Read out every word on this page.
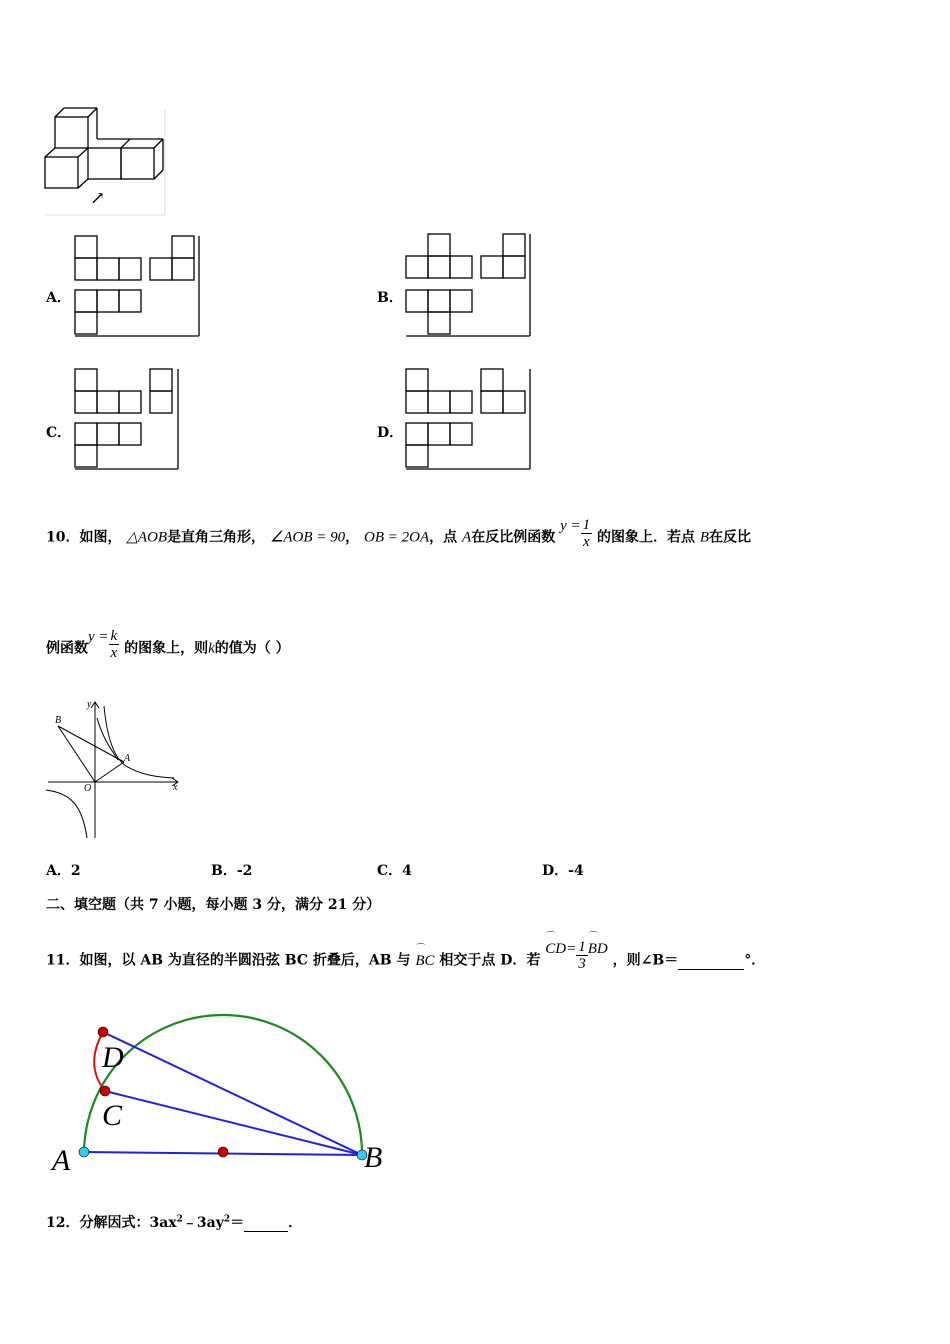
↗
A．	B．
C．	D．
10．如图， △AOB是直角三角形， ∠AOB = 90， OB = 2OA，点 A在反比例函数 $y = \frac{1}{x}$ 的图象上．若点 B在反比
例函数$y = \frac{k}{x}$ 的图象上，则k的值为（ ）
B
A
O	x
y
A．2	B．-2	C．4	D．-4
二、填空题（共 7 小题，每小题 3 分，满分 21 分）
11．如图，以 AB 为直径的半圆沿弦 BC 折叠后，AB 与
⌒
BC 相交于点 D．若
⌒
$CD= \frac{1}{3}$
⌒
BD ，则∠B＝	°．
D
C
A	B
12．分解因式：$3ax^2﹣3ay^2=$	．
